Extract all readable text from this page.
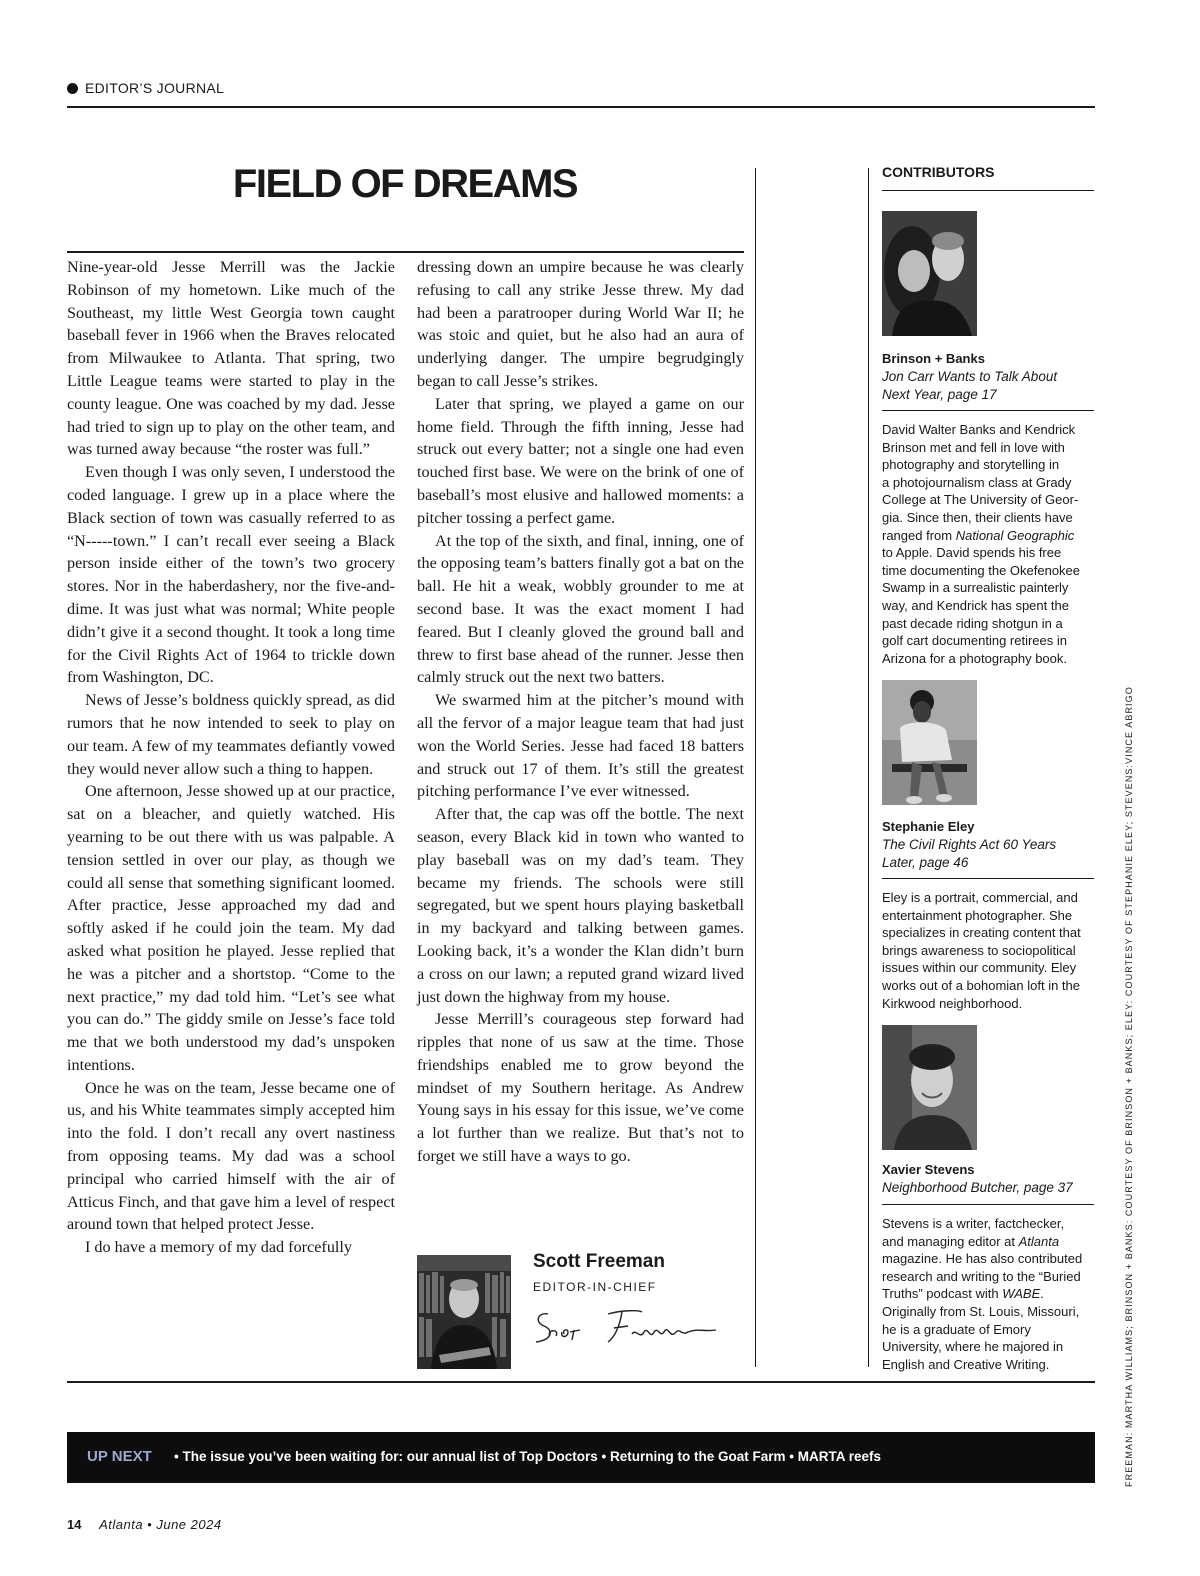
EDITOR’S JOURNAL
FIELD OF DREAMS

Nine-year-old Jesse Merrill was the Jackie Robinson of my hometown. Like much of the Southeast, my little West Georgia town caught baseball fever in 1966 when the Braves relocated from Milwaukee to Atlanta. That spring, two Little League teams were started to play in the county league. One was coached by my dad. Jesse had tried to sign up to play on the other team, and was turned away because “the roster was full.”

Even though I was only seven, I understood the coded language. I grew up in a place where the Black section of town was casually referred to as “N-----town.” I can’t recall ever seeing a Black person inside either of the town’s two grocery stores. Nor in the haberdashery, nor the five-and-dime. It was just what was normal; White people didn’t give it a second thought. It took a long time for the Civil Rights Act of 1964 to trickle down from Washington, DC.

News of Jesse’s boldness quickly spread, as did rumors that he now intended to seek to play on our team. A few of my teammates defiantly vowed they would never allow such a thing to happen.

One afternoon, Jesse showed up at our practice, sat on a bleacher, and quietly watched. His yearning to be out there with us was palpable. A tension settled in over our play, as though we could all sense that something significant loomed. After practice, Jesse approached my dad and softly asked if he could join the team. My dad asked what position he played. Jesse replied that he was a pitcher and a shortstop. “Come to the next practice,” my dad told him. “Let’s see what you can do.” The giddy smile on Jesse’s face told me that we both understood my dad’s unspoken intentions.

Once he was on the team, Jesse became one of us, and his White teammates simply accepted him into the fold. I don’t recall any overt nastiness from opposing teams. My dad was a school principal who carried himself with the air of Atticus Finch, and that gave him a level of respect around town that helped protect Jesse.

I do have a memory of my dad forcefully

dressing down an umpire because he was clearly refusing to call any strike Jesse threw. My dad had been a paratrooper during World War II; he was stoic and quiet, but he also had an aura of underlying danger. The umpire begrudgingly began to call Jesse’s strikes.

Later that spring, we played a game on our home field. Through the fifth inning, Jesse had struck out every batter; not a single one had even touched first base. We were on the brink of one of baseball’s most elusive and hallowed moments: a pitcher tossing a perfect game.

At the top of the sixth, and final, inning, one of the opposing team’s batters finally got a bat on the ball. He hit a weak, wobbly grounder to me at second base. It was the exact moment I had feared. But I cleanly gloved the ground ball and threw to first base ahead of the runner. Jesse then calmly struck out the next two batters.

We swarmed him at the pitcher’s mound with all the fervor of a major league team that had just won the World Series. Jesse had faced 18 batters and struck out 17 of them. It’s still the greatest pitching performance I’ve ever witnessed.

After that, the cap was off the bottle. The next season, every Black kid in town who wanted to play baseball was on my dad’s team. They became my friends. The schools were still segregated, but we spent hours playing basketball in my backyard and talking between games. Looking back, it’s a wonder the Klan didn’t burn a cross on our lawn; a reputed grand wizard lived just down the highway from my house.

Jesse Merrill’s courageous step forward had ripples that none of us saw at the time. Those friendships enabled me to grow beyond the mindset of my Southern heritage. As Andrew Young says in his essay for this issue, we’ve come a lot further than we realize. But that’s not to forget we still have a ways to go.

Scott Freeman
EDITOR-IN-CHIEF
CONTRIBUTORS
Brinson + Banks
Jon Carr Wants to Talk About
Next Year, page 17
David Walter Banks and Kendrick
Brinson met and fell in love with
photography and storytelling in
a photojournalism class at Grady
College at The University of Geor-
gia. Since then, their clients have
ranged from National Geographic
to Apple. David spends his free
time documenting the Okefenokee
Swamp in a surrealistic painterly
way, and Kendrick has spent the
past decade riding shotgun in a
golf cart documenting retirees in
Arizona for a photography book.
Stephanie Eley
The Civil Rights Act 60 Years
Later, page 46
Eley is a portrait, commercial, and
entertainment photographer. She
specializes in creating content that
brings awareness to sociopolitical
issues within our community. Eley
works out of a bohomian loft in the
Kirkwood neighborhood.
Xavier Stevens
Neighborhood Butcher, page 37
Stevens is a writer, factchecker,
and managing editor at Atlanta
magazine. He has also contributed
research and writing to the “Buried
Truths” podcast with WABE.
Originally from St. Louis, Missouri,
he is a graduate of Emory
University, where he majored in
English and Creative Writing.	FREEMAN: MARTHA WILLIAMS; BRINSON + BANKS: COURTESY OF BRINSON + BANKS; ELEY: COURTESY OF STEPHANIE ELEY; STEVENS:VINCE ABRIGO
UP NEXT • The issue you’ve been waiting for: our annual list of Top Doctors • Returning to the Goat Farm • MARTA reefs
14 Atlanta • June 2024
